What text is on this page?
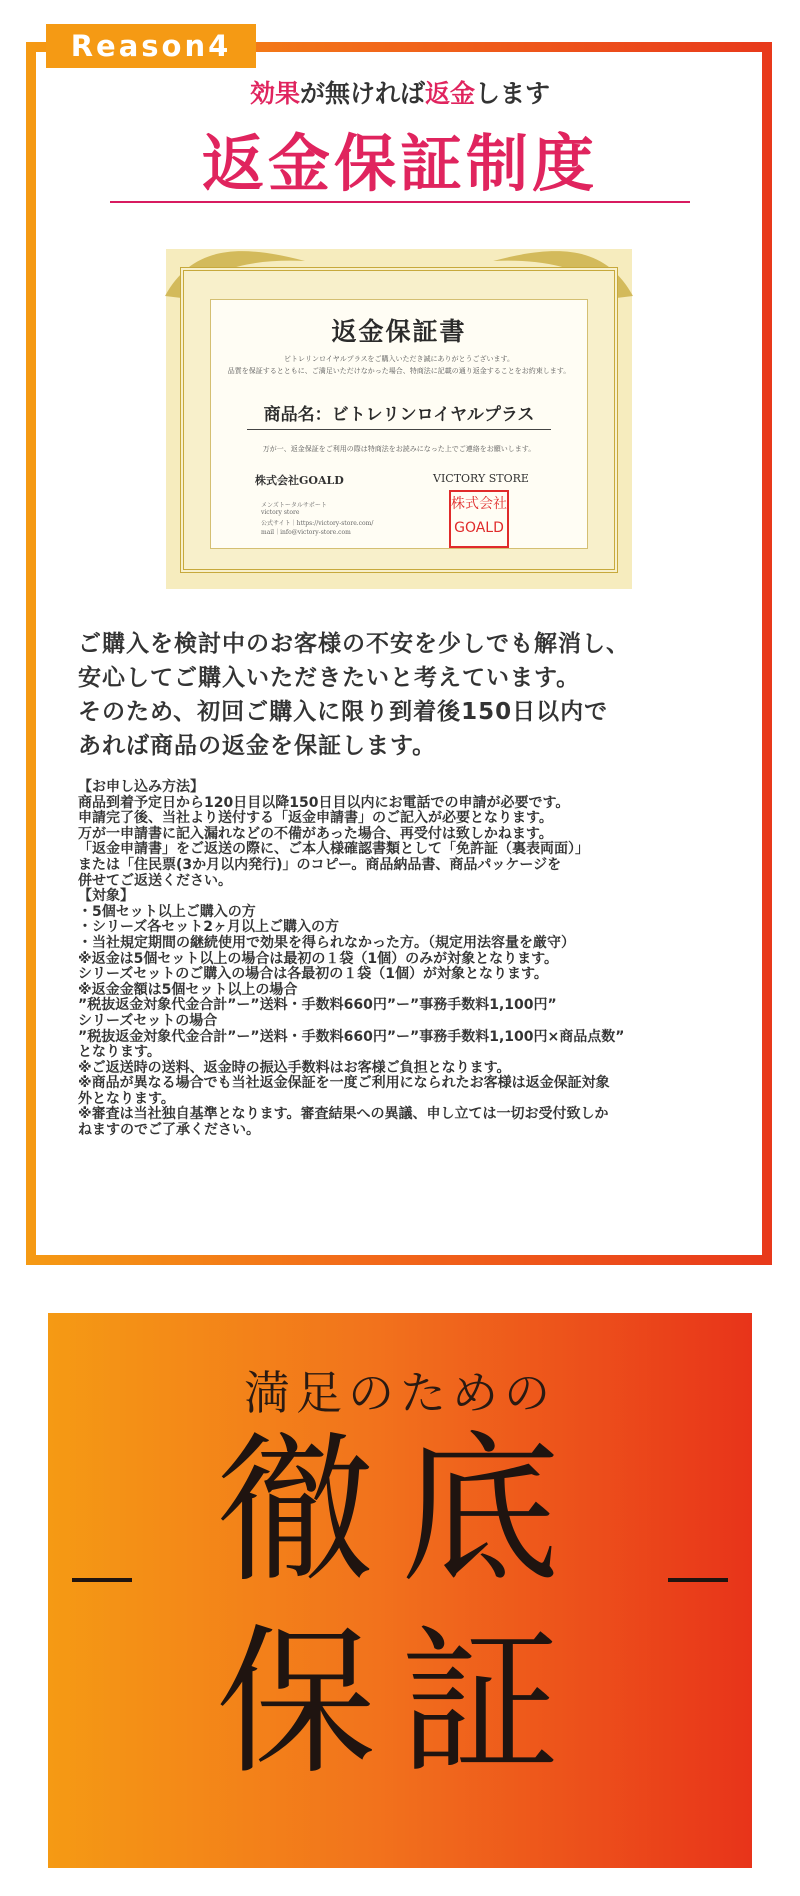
Reason4
効果が無ければ返金します
返金保証制度
返金保証書
ビトレリンロイヤルプラスをご購入いただき誠にありがとうございます。
品質を保証するとともに、ご満足いただけなかった場合、特商法に記載の通り返金することをお約束します。
商品名：ビトレリンロイヤルプラス
万が一、返金保証をご利用の際は特商法をお読みになった上でご連絡をお願いします。
株式会社GOALD	VICTORY STORE
メンズトータルサポート
victory store
公式サイト｜https://victory-store.com/
mail｜info@victory-store.com
株式会社
GOALD
ご購入を検討中のお客様の不安を少しでも解消し、
安心してご購入いただきたいと考えています。
そのため、初回ご購入に限り到着後150日以内で
あれば商品の返金を保証します。
【お申し込み方法】
商品到着予定日から120日目以降150日目以内にお電話での申請が必要です。
申請完了後、当社より送付する「返金申請書」のご記入が必要となります。
万が一申請書に記入漏れなどの不備があった場合、再受付は致しかねます。
「返金申請書」をご返送の際に、ご本人様確認書類として「免許証（裏表両面）」
または「住民票(3か月以内発行)」のコピー。商品納品書、商品パッケージを
併せてご返送ください。
【対象】
・5個セット以上ご購入の方
・シリーズ各セット2ヶ月以上ご購入の方
・当社規定期間の継続使用で効果を得られなかった方。（規定用法容量を厳守）
※返金は5個セット以上の場合は最初の１袋（1個）のみが対象となります。
シリーズセットのご購入の場合は各最初の１袋（1個）が対象となります。
※返金金額は5個セット以上の場合
”税抜返金対象代金合計”ー”送料・手数料660円”ー”事務手数料1,100円”
シリーズセットの場合
”税抜返金対象代金合計”ー”送料・手数料660円”ー”事務手数料1,100円×商品点数”
となります。
※ご返送時の送料、返金時の振込手数料はお客様ご負担となります。
※商品が異なる場合でも当社返金保証を一度ご利用になられたお客様は返金保証対象
外となります。
※審査は当社独自基準となります。審査結果への異議、申し立ては一切お受付致しか
ねますのでご了承ください。
満足のための
徹底
保証
